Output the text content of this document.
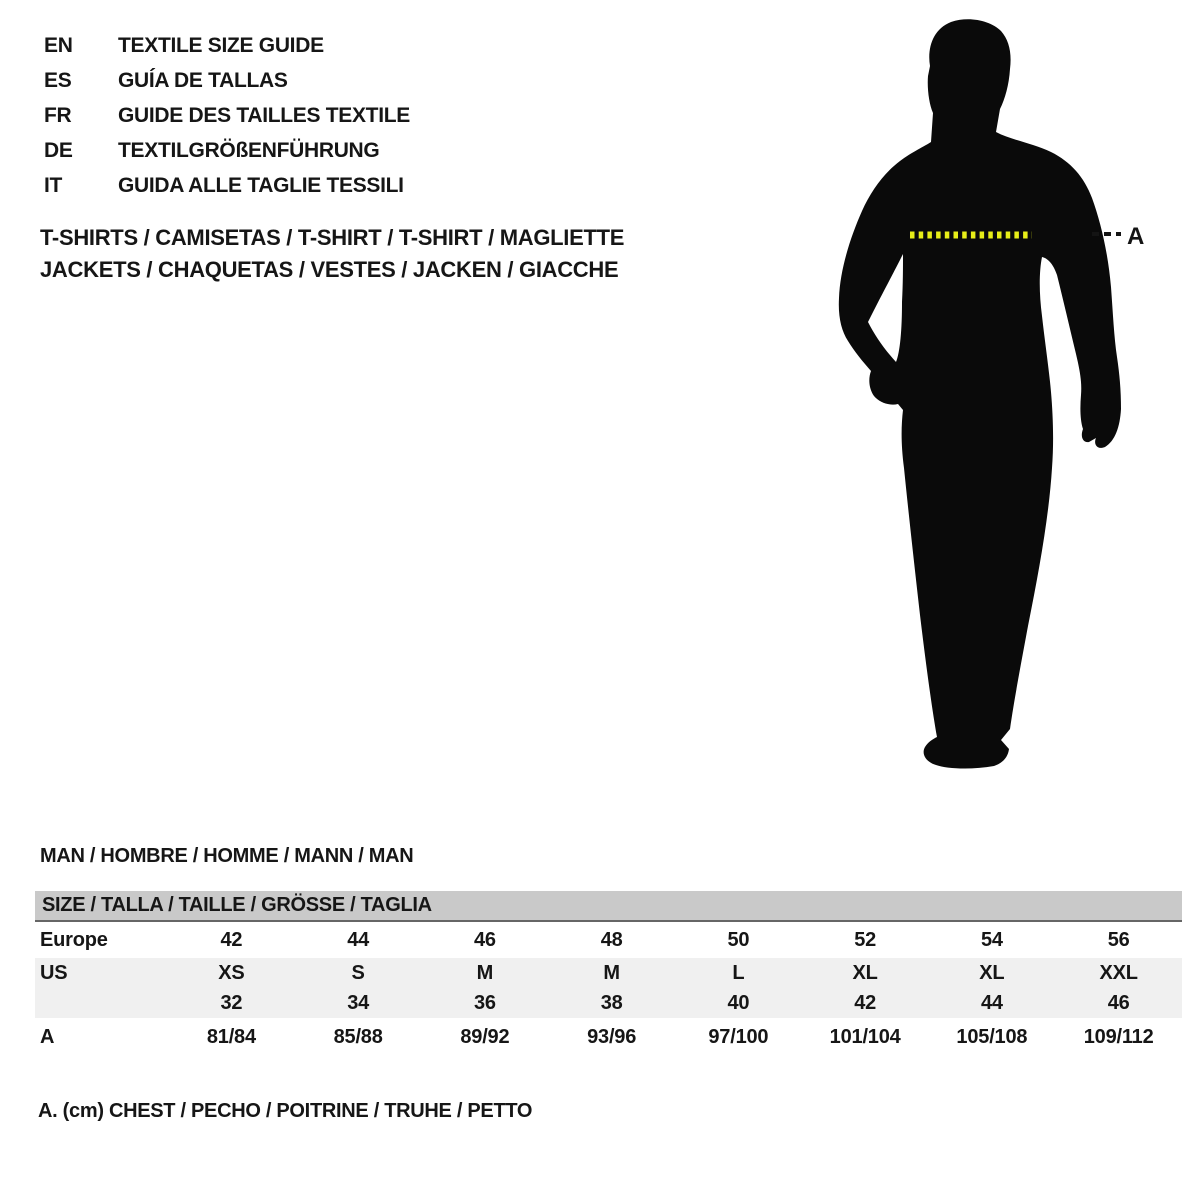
EN	TEXTILE SIZE GUIDE
ES	GUÍA DE TALLAS
FR	GUIDE DES TAILLES TEXTILE
DE	TEXTILGRÖßENFÜHRUNG
IT	GUIDA ALLE TAGLIE TESSILI

T-SHIRTS / CAMISETAS / T-SHIRT / T-SHIRT / MAGLIETTE

JACKETS / CHAQUETAS / VESTES / JACKEN / GIACCHE

A
MAN / HOMBRE / HOMME / MANN / MAN
SIZE / TALLA / TAILLE / GRÖSSE / TAGLIA
Europe	42	44	46	48	50	52	54	56
US	XS	S	M	M	L	XL	XL	XXL
32	34	36	38	40	42	44	46
A	81/84	85/88	89/92	93/96	97/100	101/104	105/108	109/112

A. (cm) CHEST / PECHO / POITRINE / TRUHE / PETTO
